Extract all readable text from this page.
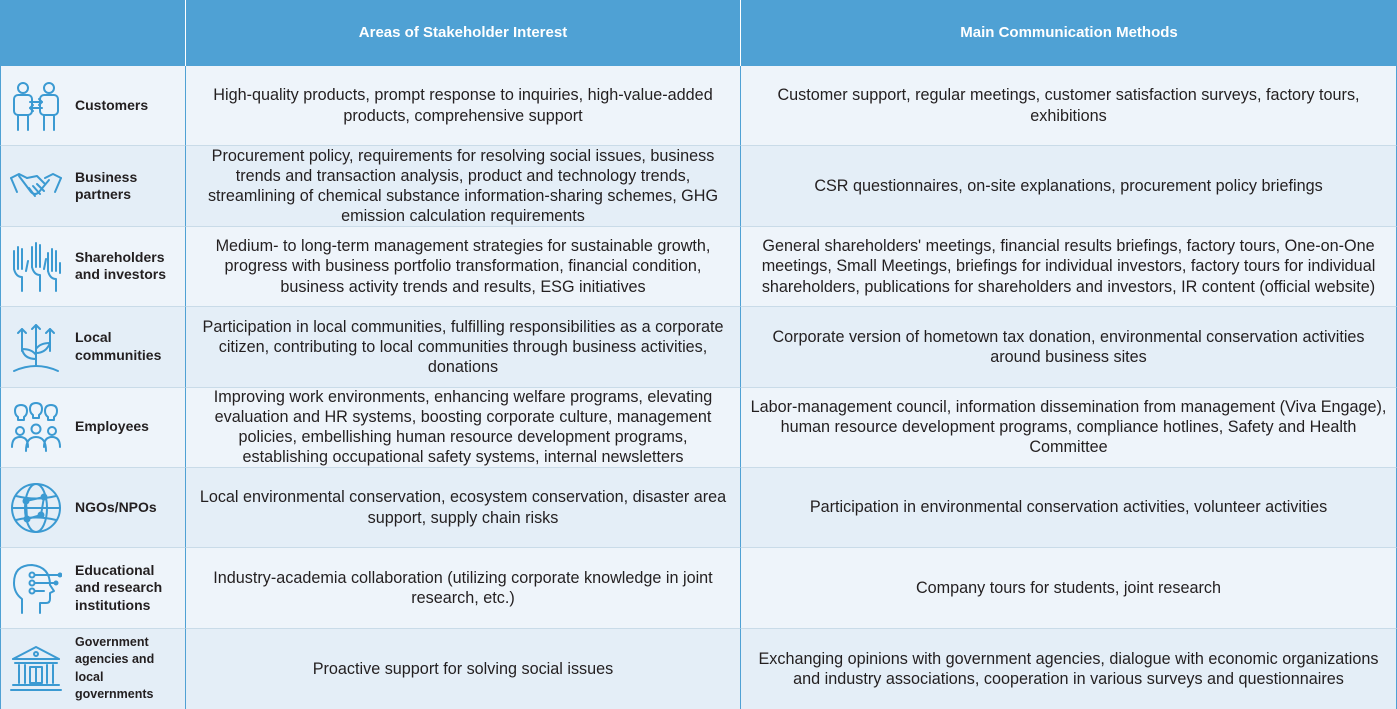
Areas of Stakeholder Interest	Main Communication Methods
Customers
High-quality products, prompt response to inquiries, high-value-added products, comprehensive support
Customer support, regular meetings, customer satisfaction surveys, factory tours, exhibitions
Business partners
Procurement policy, requirements for resolving social issues, business trends and transaction analysis, product and technology trends, streamlining of chemical substance information-sharing schemes, GHG emission calculation requirements
CSR questionnaires, on-site explanations, procurement policy briefings
Shareholders and investors
Medium- to long-term management strategies for sustainable growth, progress with business portfolio transformation, financial condition, business activity trends and results, ESG initiatives
General shareholders' meetings, financial results briefings, factory tours, One-on-One meetings, Small Meetings, briefings for individual investors, factory tours for individual shareholders, publications for shareholders and investors, IR content (official website)
Local communities
Participation in local communities, fulfilling responsibilities as a corporate citizen, contributing to local communities through business activities, donations
Corporate version of hometown tax donation, environmental conservation activities around business sites
Employees
Improving work environments, enhancing welfare programs, elevating evaluation and HR systems, boosting corporate culture, management policies, embellishing human resource development programs, establishing occupational safety systems, internal newsletters
Labor-management council, information dissemination from management (Viva Engage), human resource development programs, compliance hotlines, Safety and Health Committee
NGOs/NPOs
Local environmental conservation, ecosystem conservation, disaster area support, supply chain risks
Participation in environmental conservation activities, volunteer activities
Educational and research institutions
Industry-academia collaboration (utilizing corporate knowledge in joint research, etc.)
Company tours for students, joint research
Government agencies and local governments
Proactive support for solving social issues
Exchanging opinions with government agencies, dialogue with economic organizations and industry associations, cooperation in various surveys and questionnaires
